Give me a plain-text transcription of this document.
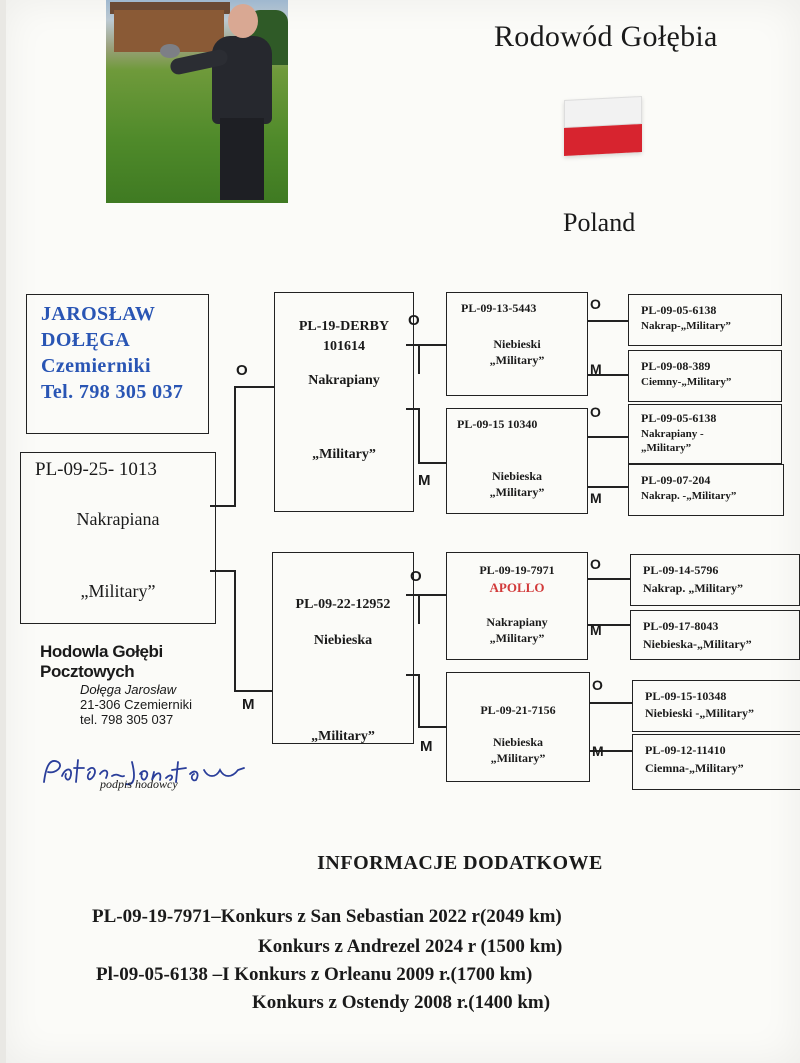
Rodowód Gołębia
Poland
JAROSŁAW
DOŁĘGA
Czemierniki
Tel. 798 305 037
PL-09-25- 1013
Nakrapiana
„Military”
O
M
PL-19-DERBY
101614
Nakrapiany
„Military”
PL-09-22-12952
Niebieska
„Military”
O
M
O
M
PL-09-13-5443
Niebieski
„Military”
PL-09-15 10340
Niebieska
„Military”
PL-09-19-7971
APOLLO
Nakrapiany
„Military”
PL-09-21-7156
Niebieska
„Military”
O
M
O
M
O
M
O
M
PL-09-05-6138
Nakrap-„Military”
PL-09-08-389
Ciemny-„Military”
PL-09-05-6138
Nakrapiany -
„Military”
PL-09-07-204
Nakrap. -„Military”
PL-09-14-5796
Nakrap. „Military”
PL-09-17-8043
Niebieska-„Military”
PL-09-15-10348
Niebieski -„Military”
PL-09-12-11410
Ciemna-„Military”
Hodowla Gołębi Pocztowych
Dołęga Jarosław
21-306 Czemierniki
tel. 798 305 037
podpis hodowcy
INFORMACJE DODATKOWE
PL-09-19-7971–Konkurs z San Sebastian 2022 r(2049 km)
Konkurs z Andrezel 2024 r (1500 km)
Pl-09-05-6138 –I Konkurs z Orleanu 2009 r.(1700 km)
Konkurs z Ostendy 2008 r.(1400 km)
